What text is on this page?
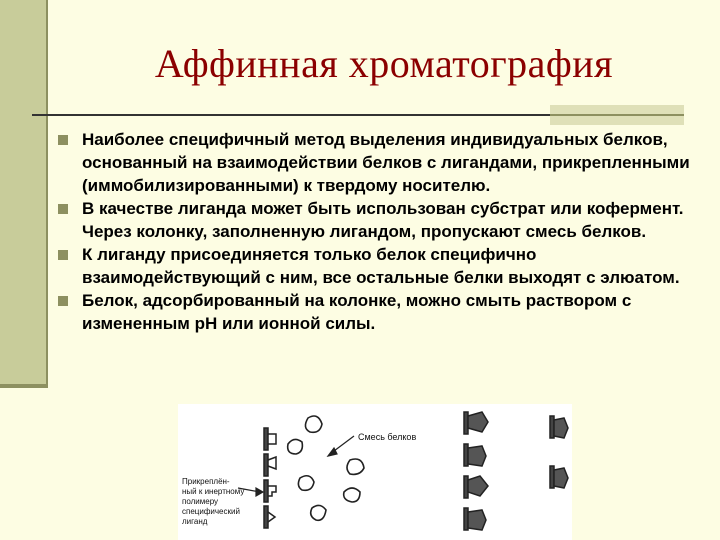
Аффинная хроматография
Наиболее специфичный метод выделения индивидуальных белков, основанный на взаимодействии белков с лигандами, прикрепленными (иммобилизированными) к твердому носителю.
В качестве лиганда может быть использован субстрат или кофермент. Через колонку, заполненную лигандом, пропускают смесь белков.
К лиганду присоединяется только белок специфично взаимодействующий с ним, все остальные белки выходят с элюатом.
Белок, адсорбированный на колонке, можно смыть раствором с измененным рН или ионной силы.
Смесь белков
Прикреплён-
ный к инертному
полимеру
специфический
лиганд
